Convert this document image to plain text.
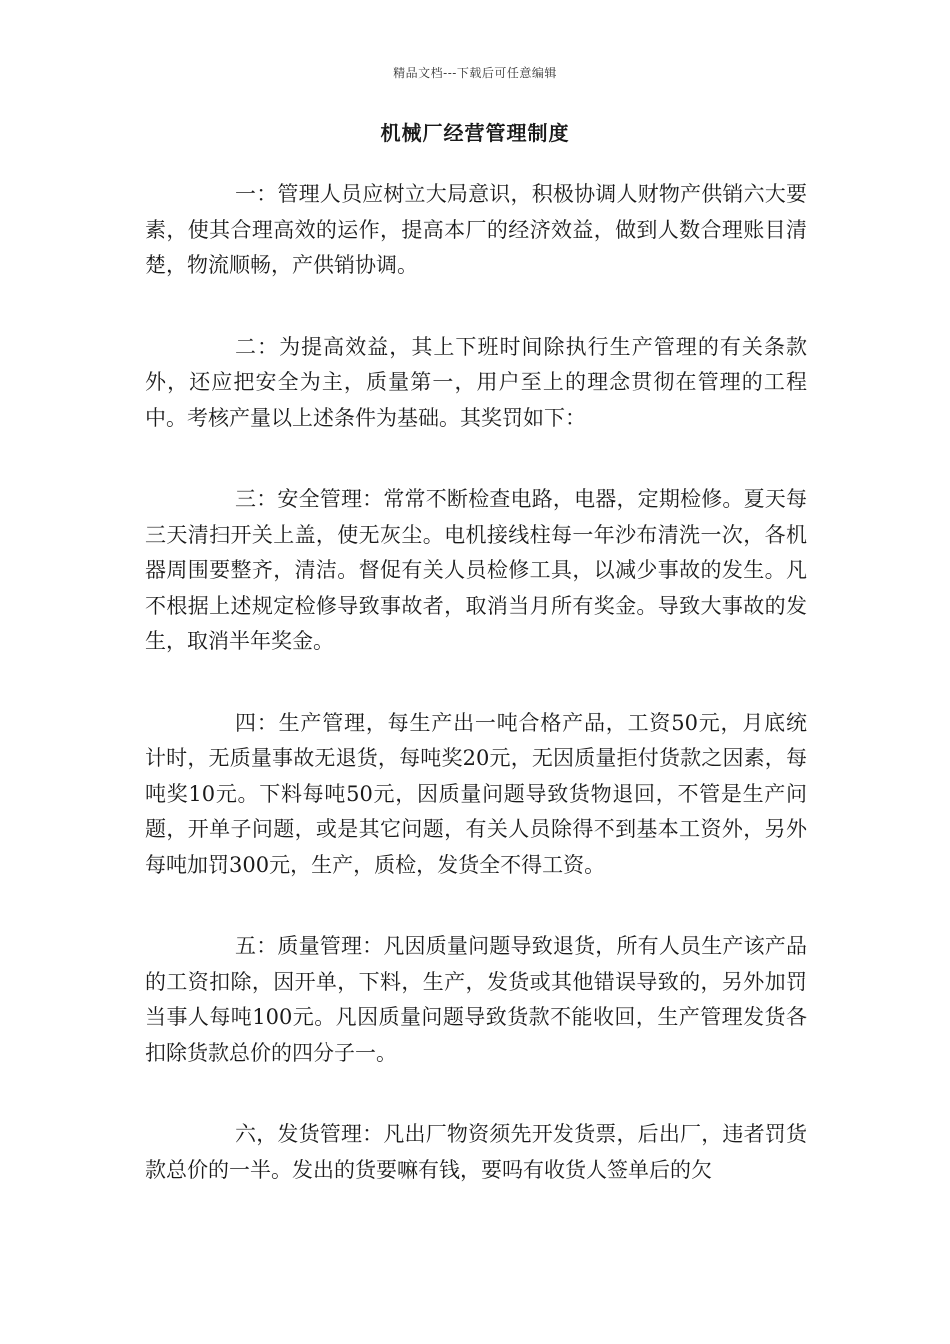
精品文档---下载后可任意编辑
机械厂经营管理制度

一：管理人员应树立大局意识，积极协调人财物产供销六大要素，使其合理高效的运作，提高本厂的经济效益，做到人数合理账目清楚，物流顺畅，产供销协调。

二：为提高效益，其上下班时间除执行生产管理的有关条款外，还应把安全为主，质量第一，用户至上的理念贯彻在管理的工程中。考核产量以上述条件为基础。其奖罚如下：

三：安全管理：常常不断检查电路，电器，定期检修。夏天每三天清扫开关上盖，使无灰尘。电机接线柱每一年沙布清洗一次，各机器周围要整齐，清洁。督促有关人员检修工具，以减少事故的发生。凡不根据上述规定检修导致事故者，取消当月所有奖金。导致大事故的发生，取消半年奖金。

四：生产管理，每生产出一吨合格产品，工资50元，月底统计时，无质量事故无退货，每吨奖20元，无因质量拒付货款之因素，每吨奖10元。下料每吨50元，因质量问题导致货物退回，不管是生产问题，开单子问题，或是其它问题，有关人员除得不到基本工资外，另外每吨加罚300元，生产，质检，发货全不得工资。

五：质量管理：凡因质量问题导致退货，所有人员生产该产品的工资扣除，因开单，下料，生产，发货或其他错误导致的，另外加罚当事人每吨100元。凡因质量问题导致货款不能收回，生产管理发货各扣除货款总价的四分子一。

六，发货管理：凡出厂物资须先开发货票，后出厂，违者罚货款总价的一半。发出的货要嘛有钱，要吗有收货人签单后的欠
